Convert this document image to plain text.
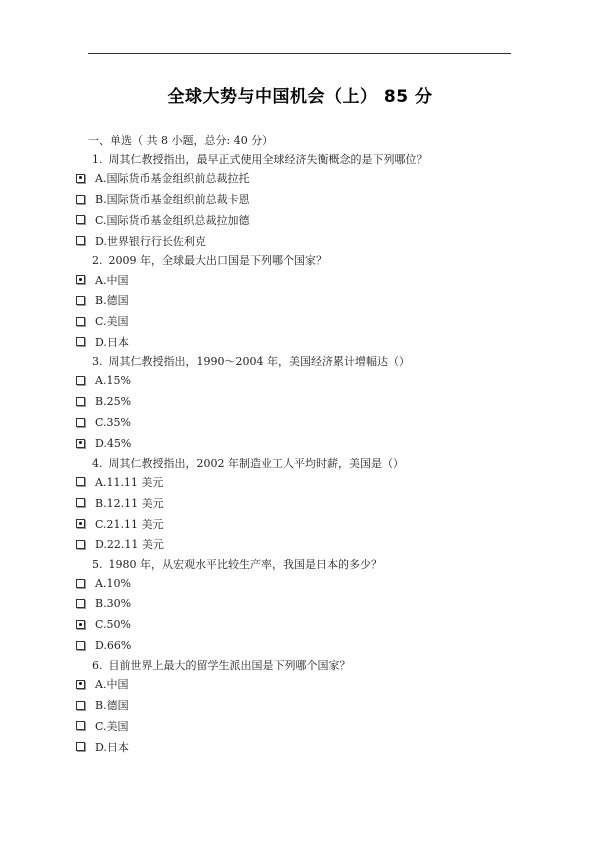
全球大势与中国机会（上） 85 分
一、单选（ 共 8 小题，总分: 40 分）
1. 周其仁教授指出，最早正式使用全球经济失衡概念的是下列哪位？
A.国际货币基金组织前总裁拉托
B.国际货币基金组织前总裁卡恩
C.国际货币基金组织总裁拉加德
D.世界银行行长佐利克
2. 2009 年，全球最大出口国是下列哪个国家？
A.中国
B.德国
C.美国
D.日本
3. 周其仁教授指出，1990～2004 年，美国经济累计增幅达（）
A.15%
B.25%
C.35%
D.45%
4. 周其仁教授指出，2002 年制造业工人平均时薪，美国是（）
A.11.11 美元
B.12.11 美元
C.21.11 美元
D.22.11 美元
5. 1980 年，从宏观水平比较生产率，我国是日本的多少？
A.10%
B.30%
C.50%
D.66%
6. 目前世界上最大的留学生派出国是下列哪个国家？
A.中国
B.德国
C.美国
D.日本
